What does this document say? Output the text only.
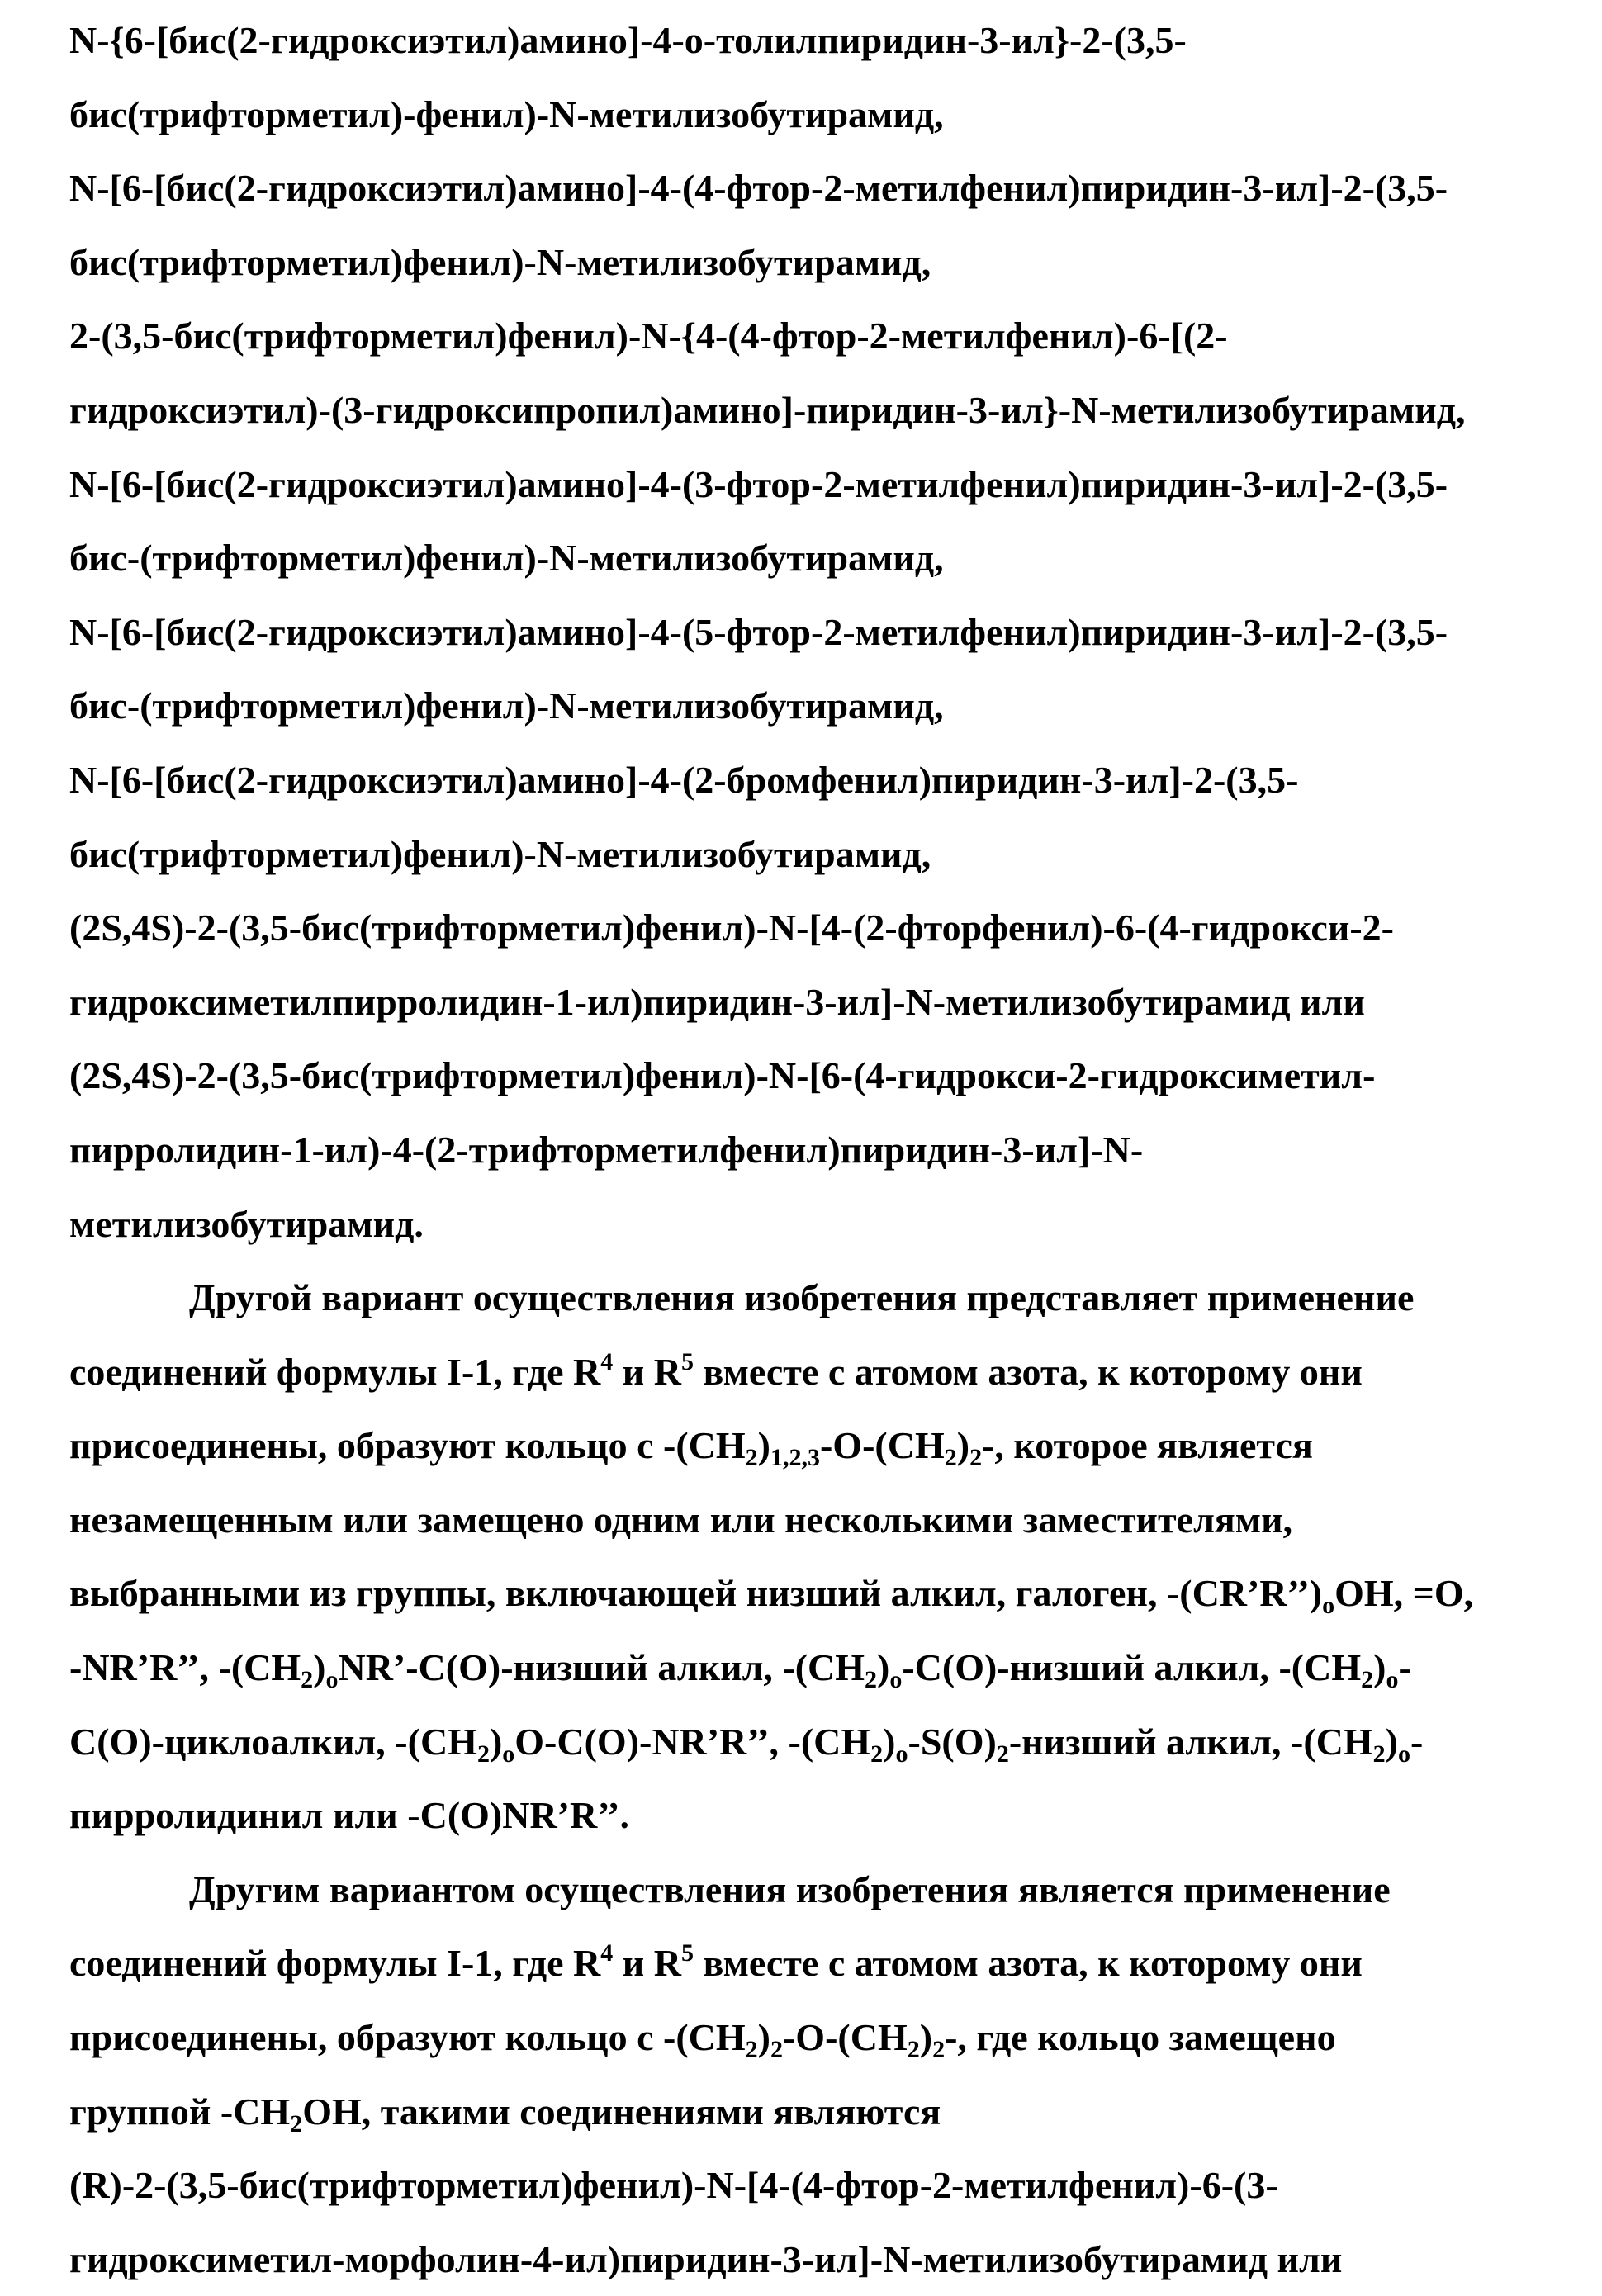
N-{6-[бис(2-гидроксиэтил)амино]-4-о-толилпиридин-3-ил}-2-(3,5-
бис(трифторметил)-фенил)-N-метилизобутирамид,
N-[6-[бис(2-гидроксиэтил)амино]-4-(4-фтор-2-метилфенил)пиридин-3-ил]-2-(3,5-
бис(трифторметил)фенил)-N-метилизобутирамид,
2-(3,5-бис(трифторметил)фенил)-N-{4-(4-фтор-2-метилфенил)-6-[(2-
гидроксиэтил)-(3-гидроксипропил)амино]-пиридин-3-ил}-N-метилизобутирамид,
N-[6-[бис(2-гидроксиэтил)амино]-4-(3-фтор-2-метилфенил)пиридин-3-ил]-2-(3,5-
бис-(трифторметил)фенил)-N-метилизобутирамид,
N-[6-[бис(2-гидроксиэтил)амино]-4-(5-фтор-2-метилфенил)пиридин-3-ил]-2-(3,5-
бис-(трифторметил)фенил)-N-метилизобутирамид,
N-[6-[бис(2-гидроксиэтил)амино]-4-(2-бромфенил)пиридин-3-ил]-2-(3,5-
бис(трифторметил)фенил)-N-метилизобутирамид,
(2S,4S)-2-(3,5-бис(трифторметил)фенил)-N-[4-(2-фторфенил)-6-(4-гидрокси-2-
гидроксиметилпирролидин-1-ил)пиридин-3-ил]-N-метилизобутирамид или
(2S,4S)-2-(3,5-бис(трифторметил)фенил)-N-[6-(4-гидрокси-2-гидроксиметил-
пирролидин-1-ил)-4-(2-трифторметилфенил)пиридин-3-ил]-N-
метилизобутирамид.
Другой вариант осуществления изобретения представляет применение
соединений формулы I-1, где R4 и R5 вместе с атомом азота, к которому они
присоединены, образуют кольцо с -(CH2)1,2,3-O-(CH2)2-, которое является
незамещенным или замещено одним или несколькими заместителями,
выбранными из группы, включающей низший алкил, галоген, -(CR’R’’)oOH, =O,
-NR’R’’, -(CH2)oNR’-C(O)-низший алкил, -(CH2)o-C(O)-низший алкил, -(CH2)o-
C(O)-циклоалкил, -(CH2)oO-C(O)-NR’R’’, -(CH2)o-S(O)2-низший алкил, -(CH2)o-
пирролидинил или -C(O)NR’R’’.
Другим вариантом осуществления изобретения является применение
соединений формулы I-1, где R4 и R5 вместе с атомом азота, к которому они
присоединены, образуют кольцо с -(CH2)2-O-(CH2)2-, где кольцо замещено
группой -CH2OH, такими соединениями являются
(R)-2-(3,5-бис(трифторметил)фенил)-N-[4-(4-фтор-2-метилфенил)-6-(3-
гидроксиметил-морфолин-4-ил)пиридин-3-ил]-N-метилизобутирамид или
